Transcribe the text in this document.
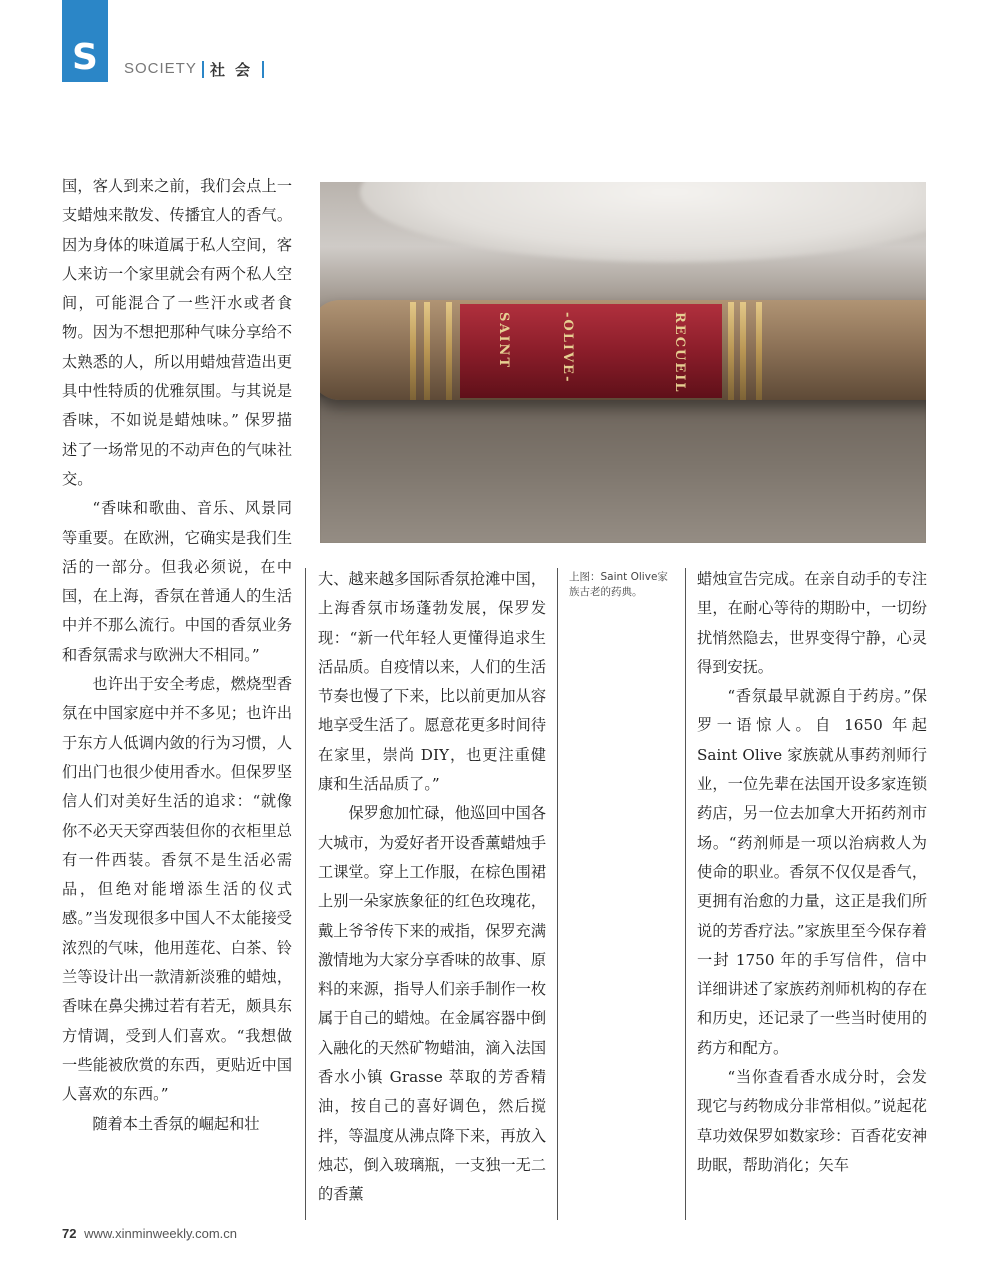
S	SOCIETY 社会
SAINT	-OLIVE-	RECUEIL

国，客人到来之前，我们会点上一支蜡烛来散发、传播宜人的香气。因为身体的味道属于私人空间，客人来访一个家里就会有两个私人空间，可能混合了一些汗水或者食物。因为不想把那种气味分享给不太熟悉的人，所以用蜡烛营造出更具中性特质的优雅氛围。与其说是香味，不如说是蜡烛味。” 保罗描述了一场常见的不动声色的气味社交。

“香味和歌曲、音乐、风景同等重要。在欧洲，它确实是我们生活的一部分。但我必须说，在中国，在上海，香氛在普通人的生活中并不那么流行。中国的香氛业务和香氛需求与欧洲大不相同。”

也许出于安全考虑，燃烧型香氛在中国家庭中并不多见；也许出于东方人低调内敛的行为习惯，人们出门也很少使用香水。但保罗坚信人们对美好生活的追求：“就像你不必天天穿西装但你的衣柜里总有一件西装。香氛不是生活必需品，但绝对能增添生活的仪式感。”当发现很多中国人不太能接受浓烈的气味，他用莲花、白茶、铃兰等设计出一款清新淡雅的蜡烛，香味在鼻尖拂过若有若无，颇具东方情调，受到人们喜欢。“我想做一些能被欣赏的东西，更贴近中国人喜欢的东西。”

随着本土香氛的崛起和壮

大、越来越多国际香氛抢滩中国，上海香氛市场蓬勃发展，保罗发现：“新一代年轻人更懂得追求生活品质。自疫情以来，人们的生活节奏也慢了下来，比以前更加从容地享受生活了。愿意花更多时间待在家里，崇尚 DIY，也更注重健康和生活品质了。”

保罗愈加忙碌，他巡回中国各大城市，为爱好者开设香薰蜡烛手工课堂。穿上工作服，在棕色围裙上别一朵家族象征的红色玫瑰花，戴上爷爷传下来的戒指，保罗充满激情地为大家分享香味的故事、原料的来源，指导人们亲手制作一枚属于自己的蜡烛。在金属容器中倒入融化的天然矿物蜡油，滴入法国香水小镇 Grasse 萃取的芳香精油，按自己的喜好调色，然后搅拌，等温度从沸点降下来，再放入烛芯，倒入玻璃瓶，一支独一无二的香薰

上图：Saint Olive家族古老的药典。

蜡烛宣告完成。在亲自动手的专注里，在耐心等待的期盼中，一切纷扰悄然隐去，世界变得宁静，心灵得到安抚。

“香氛最早就源自于药房。”保罗一语惊人。自 1650 年起 Saint Olive 家族就从事药剂师行业，一位先辈在法国开设多家连锁药店，另一位去加拿大开拓药剂市场。“药剂师是一项以治病救人为使命的职业。香氛不仅仅是香气，更拥有治愈的力量，这正是我们所说的芳香疗法。”家族里至今保存着一封 1750 年的手写信件，信中详细讲述了家族药剂师机构的存在和历史，还记录了一些当时使用的药方和配方。

“当你查看香水成分时，会发现它与药物成分非常相似。”说起花草功效保罗如数家珍：百香花安神助眠，帮助消化；矢车

72 www.xinminweekly.com.cn
